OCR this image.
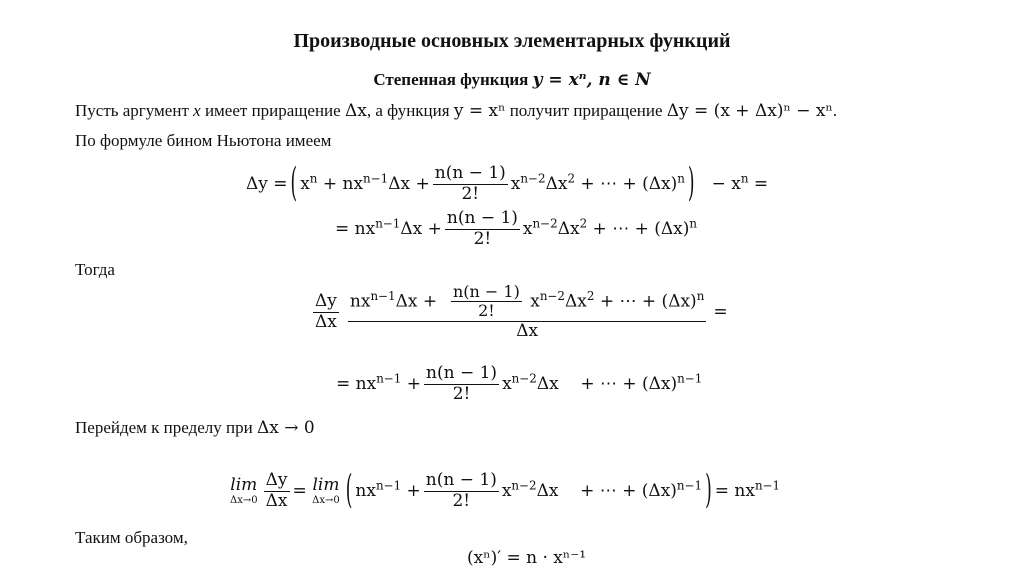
Производные основных элементарных функций
Степенная функция 𝒚 = 𝒙ⁿ, 𝒏 ∈ 𝑵
Пусть аргумент x имеет приращение Δx, а функция y = xⁿ получит приращение Δy = (x + Δx)ⁿ − xⁿ.
По формуле бином Ньютона имеем
Δy = ( $x^n + nx^{n-1}\Delta x + \frac{n(n - 1)}{2!} x^{n-2}\Delta x^2$ + ⋯ + $(\Delta x)^n$ ) − $x^n$ =
= $nx^{n-1}\Delta x + \frac{n(n - 1)}{2!} x^{n-2}\Delta x^2$ + ⋯ + $(\Delta x)^n$
Тогда
$\frac{\Delta y}{\Delta x} nx^{n-1}\Delta x + \frac{n(n - 1)}{2!} x^{n-2}\Delta x^2$ + ⋯ + $(\Delta x)^n$
Δx
=
= $nx^{n-1} + \frac{n(n - 1)}{2!} x^{n-2}\Delta x$    + ⋯ + $(\Delta x)^{n-1}$
Перейдем к пределу при Δx → 0
lim
$\Delta x\to 0 \frac{\Delta y}{\Delta x} = \lim$
Δx→0 ( $nx^{n-1} + \frac{n(n - 1)}{2!} x^{n-2}\Delta x$    + ⋯ + $(\Delta x)^{n-1}$ ) = $nx^{n-1}$
Таким образом,
(xⁿ)′ = n · xⁿ⁻¹
